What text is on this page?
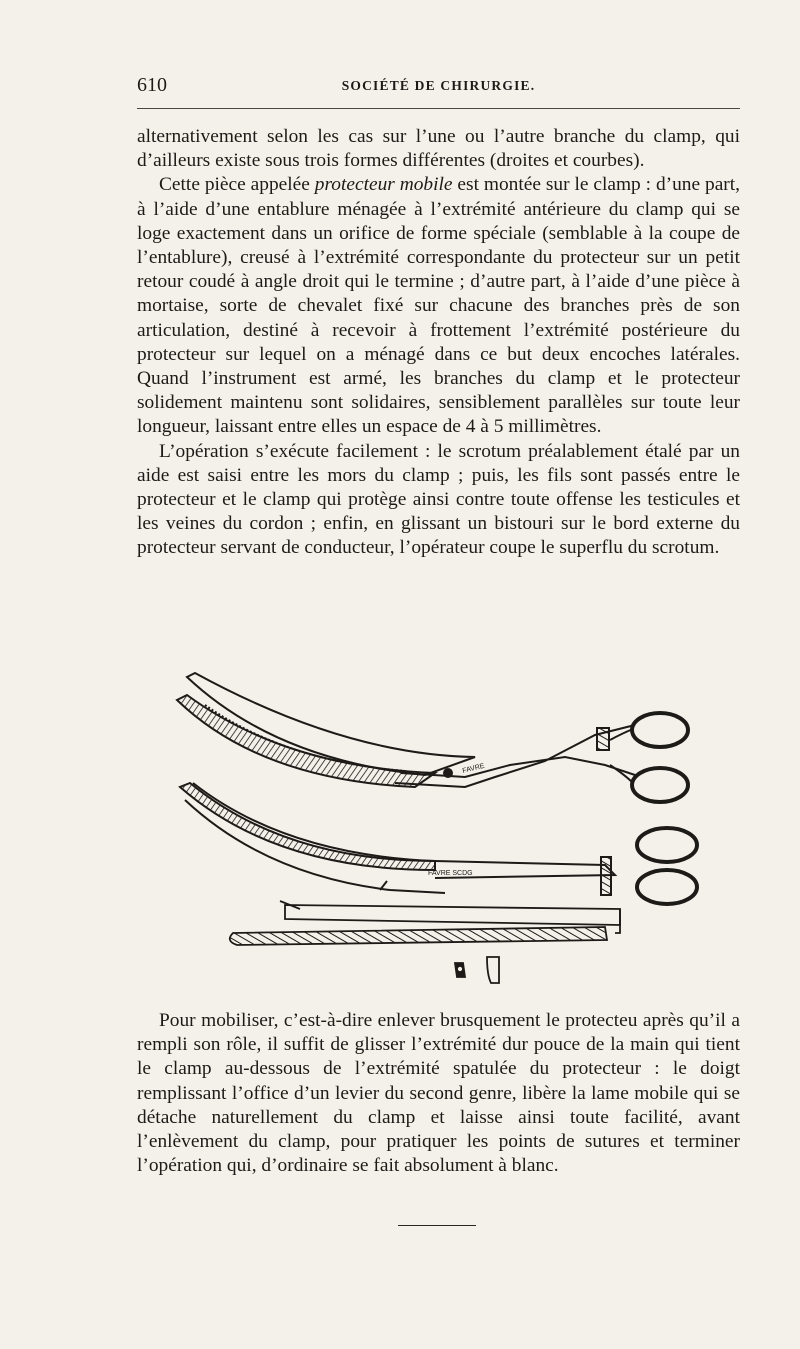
610	SOCIÉTÉ DE CHIRURGIE.

alternativement selon les cas sur l’une ou l’autre branche du clamp, qui d’ailleurs existe sous trois formes différentes (droites et courbes).

Cette pièce appelée protecteur mobile est montée sur le clamp : d’une part, à l’aide d’une entablure ménagée à l’extrémité antérieure du clamp qui se loge exactement dans un orifice de forme spéciale (semblable à la coupe de l’entablure), creusé à l’extrémité correspondante du protecteur sur un petit retour coudé à angle droit qui le termine ; d’autre part, à l’aide d’une pièce à mortaise, sorte de chevalet fixé sur chacune des branches près de son articulation, destiné à recevoir à frottement l’extrémité postérieure du protecteur sur lequel on a ménagé dans ce but deux encoches latérales. Quand l’instrument est armé, les branches du clamp et le protecteur solidement maintenu sont solidaires, sensiblement parallèles sur toute leur longueur, laissant entre elles un espace de 4 à 5 millimètres.

L’opération s’exécute facilement : le scrotum préalablement étalé par un aide est saisi entre les mors du clamp ; puis, les fils sont passés entre le protecteur et le clamp qui protège ainsi contre toute offense les testicules et les veines du cordon ; enfin, en glissant un bistouri sur le bord externe du protecteur servant de conducteur, l’opérateur coupe le superflu du scrotum.

FAVRE
FAVRE SCDG

Pour mobiliser, c’est-à-dire enlever brusquement le protecteu après qu’il a rempli son rôle, il suffit de glisser l’extrémité dur pouce de la main qui tient le clamp au-dessous de l’extrémité spatulée du protecteur : le doigt remplissant l’office d’un levier du second genre, libère la lame mobile qui se détache naturellement du clamp et laisse ainsi toute facilité, avant l’enlèvement du clamp, pour pratiquer les points de sutures et terminer l’opération qui, d’ordinaire se fait absolument à blanc.
